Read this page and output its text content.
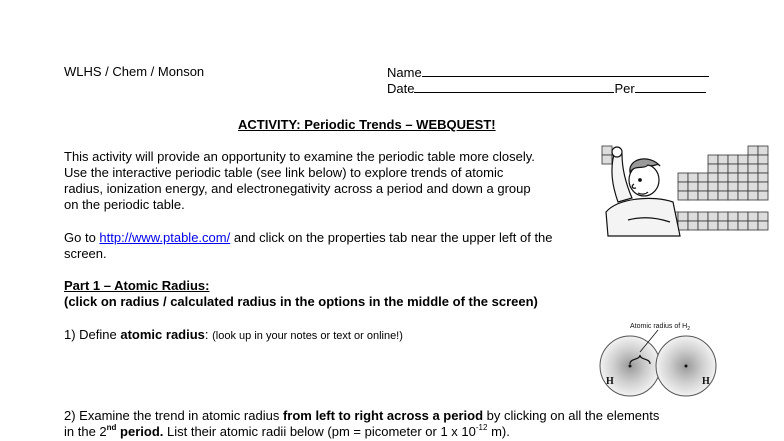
WLHS / Chem / Monson	Name
Date	Per
ACTIVITY: Periodic Trends – WEBQUEST!
This activity will provide an opportunity to examine the periodic table more closely.
Use the interactive periodic table (see link below) to explore trends of atomic
radius, ionization energy, and electronegativity across a period and down a group
on the periodic table.
Go to http://www.ptable.com/ and click on the properties tab near the upper left of the
screen.
Part 1 – Atomic Radius:
(click on radius / calculated radius in the options in the middle of the screen)
1) Define atomic radius: (look up in your notes or text or online!)
2) Examine the trend in atomic radius from left to right across a period by clicking on all the elements
in the 2nd period. List their atomic radii below (pm = picometer or 1 x $10^{-12}$ m).
Atomic radius of $H_2$
H	H
